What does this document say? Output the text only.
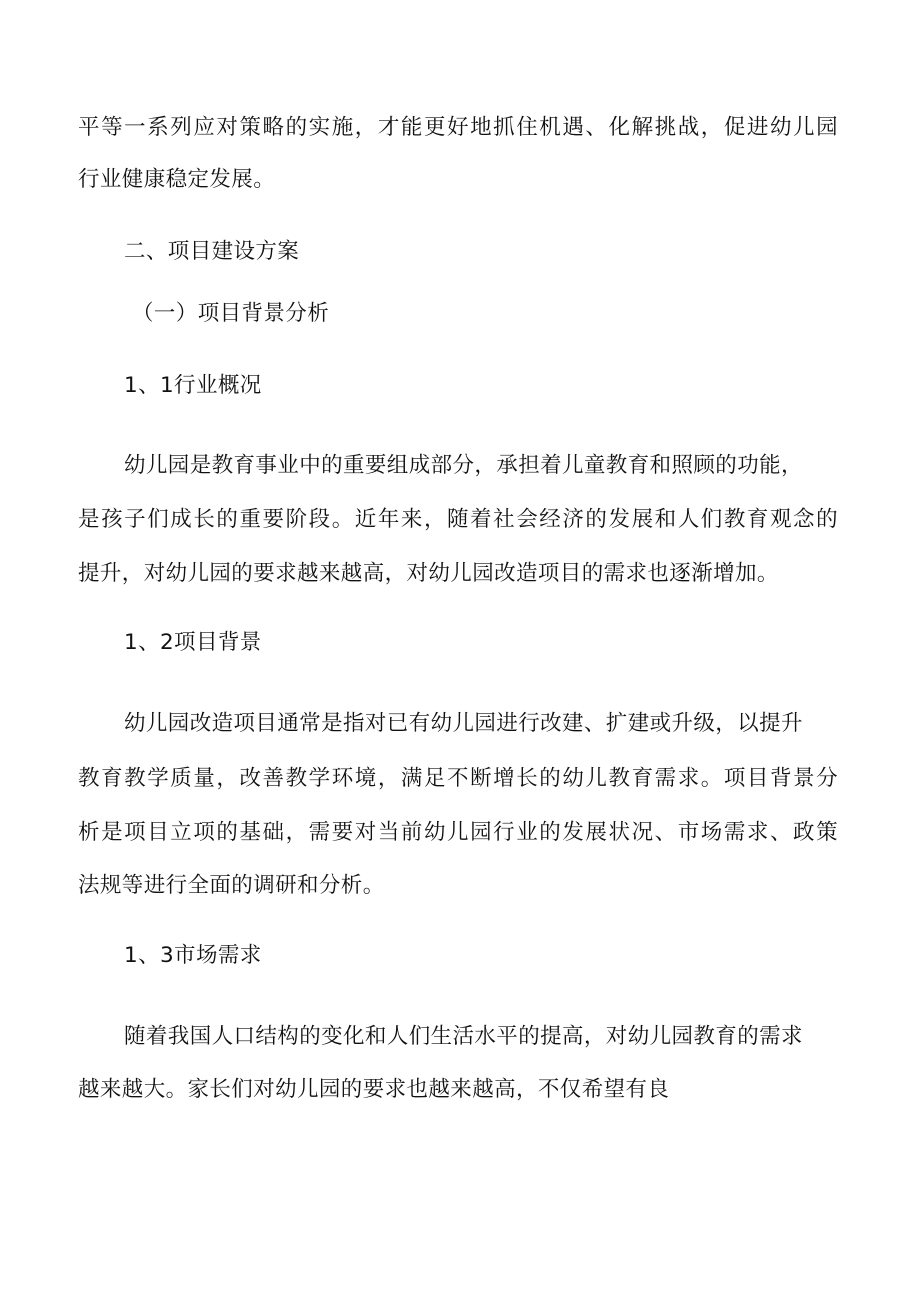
平等一系列应对策略的实施，才能更好地抓住机遇、化解挑战，促进幼儿园
行业健康稳定发展。
二、项目建设方案
（一）项目背景分析
1、1行业概况
幼儿园是教育事业中的重要组成部分，承担着儿童教育和照顾的功能，
是孩子们成长的重要阶段。近年来，随着社会经济的发展和人们教育观念的
提升，对幼儿园的要求越来越高，对幼儿园改造项目的需求也逐渐增加。
1、2项目背景
幼儿园改造项目通常是指对已有幼儿园进行改建、扩建或升级，以提升
教育教学质量，改善教学环境，满足不断增长的幼儿教育需求。项目背景分
析是项目立项的基础，需要对当前幼儿园行业的发展状况、市场需求、政策
法规等进行全面的调研和分析。
1、3市场需求
随着我国人口结构的变化和人们生活水平的提高，对幼儿园教育的需求
越来越大。家长们对幼儿园的要求也越来越高，不仅希望有良
